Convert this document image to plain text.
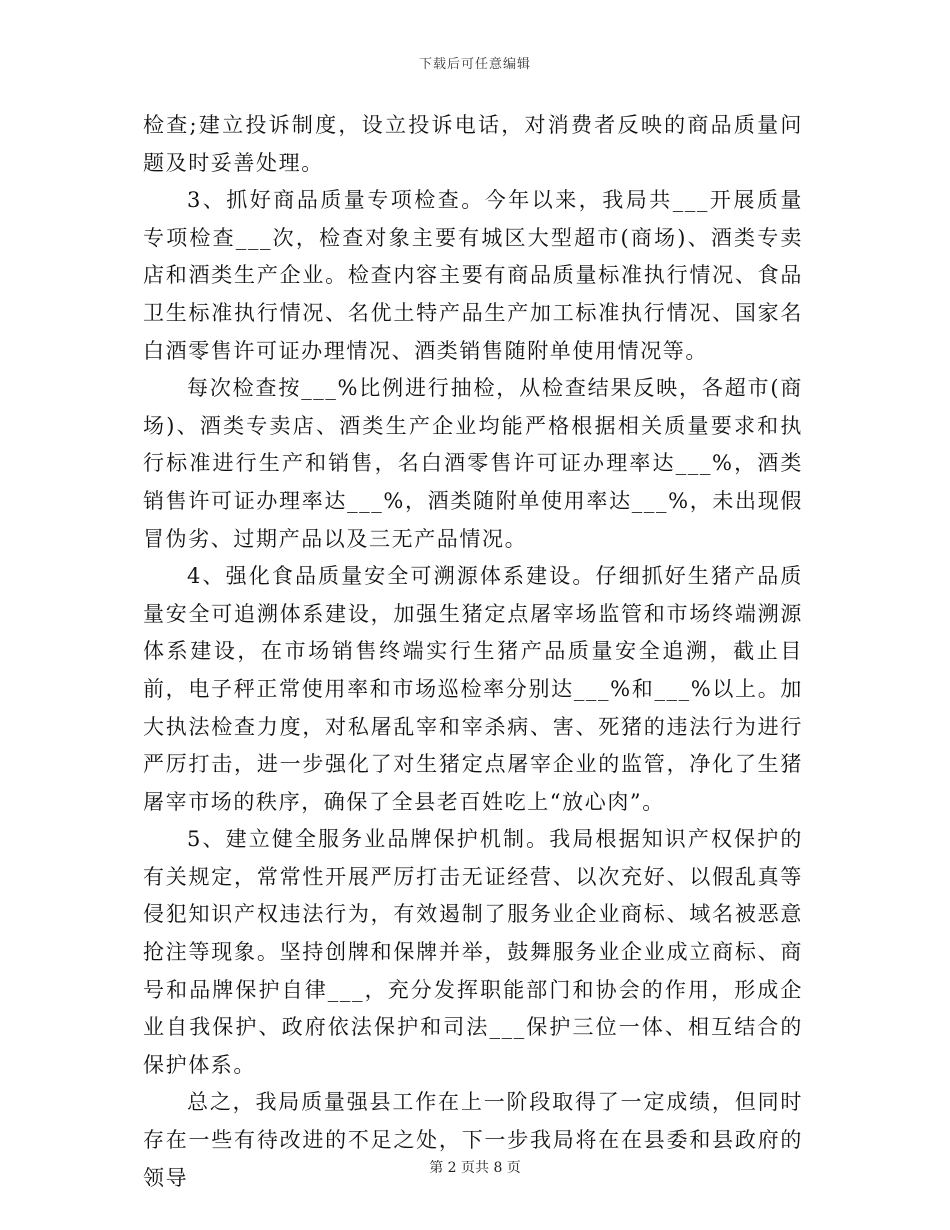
下载后可任意编辑

检查;建立投诉制度，设立投诉电话，对消费者反映的商品质量问题及时妥善处理。

3、抓好商品质量专项检查。今年以来，我局共___开展质量专项检查___次，检查对象主要有城区大型超市(商场)、酒类专卖店和酒类生产企业。检查内容主要有商品质量标准执行情况、食品卫生标准执行情况、名优土特产品生产加工标准执行情况、国家名白酒零售许可证办理情况、酒类销售随附单使用情况等。

每次检查按___%比例进行抽检，从检查结果反映，各超市(商场)、酒类专卖店、酒类生产企业均能严格根据相关质量要求和执行标准进行生产和销售，名白酒零售许可证办理率达___%，酒类销售许可证办理率达___%，酒类随附单使用率达___%，未出现假冒伪劣、过期产品以及三无产品情况。

4、强化食品质量安全可溯源体系建设。仔细抓好生猪产品质量安全可追溯体系建设，加强生猪定点屠宰场监管和市场终端溯源体系建设，在市场销售终端实行生猪产品质量安全追溯，截止目前，电子秤正常使用率和市场巡检率分别达___%和___%以上。加大执法检查力度，对私屠乱宰和宰杀病、害、死猪的违法行为进行严厉打击，进一步强化了对生猪定点屠宰企业的监管，净化了生猪屠宰市场的秩序，确保了全县老百姓吃上“放心肉”。

5、建立健全服务业品牌保护机制。我局根据知识产权保护的有关规定，常常性开展严厉打击无证经营、以次充好、以假乱真等侵犯知识产权违法行为，有效遏制了服务业企业商标、域名被恶意抢注等现象。坚持创牌和保牌并举，鼓舞服务业企业成立商标、商号和品牌保护自律___，充分发挥职能部门和协会的作用，形成企业自我保护、政府依法保护和司法___保护三位一体、相互结合的保护体系。

总之，我局质量强县工作在上一阶段取得了一定成绩，但同时存在一些有待改进的不足之处，下一步我局将在在县委和县政府的领导	第 2 页共 8 页
